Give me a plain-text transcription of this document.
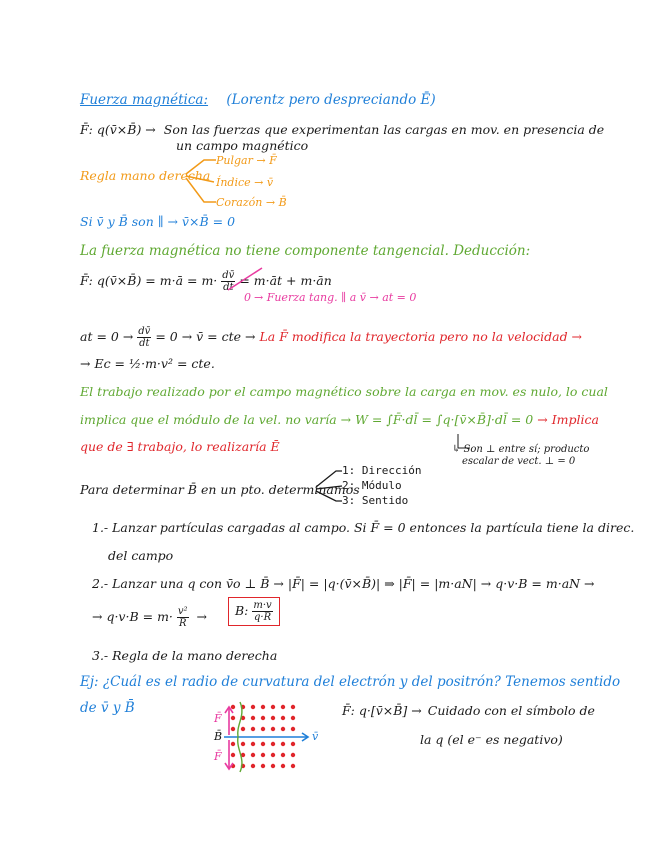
Fuerza magnética: (Lorentz pero despreciando Ē)
F̄: q(v̄×B̄) → Son las fuerzas que experimentan las cargas en mov. en presencia de
un campo magnético
Regla mano derecha
Pulgar → F̄
Índice → v̄
Corazón → B̄
Si v̄ y B̄ son ∥ → v̄×B̄ = 0
La fuerza magnética no tiene componente tangencial. Deducción:
F̄: q(v̄×B̄) = m·ā = $m\cdot \frac{dv̄}{dt}$ = m·āt + m·ān
0 → Fuerza tang. ∥ a v̄ → at = 0
at = $0 \to \frac{dv̄}{dt} = 0$ → v̄ = cte → La F̄ modifica la trayectoria pero no la velocidad →
→ Ec = ½·m·v² = cte.
El trabajo realizado por el campo magnético sobre la carga en mov. es nulo, lo cual
implica que el módulo de la vel. no varía → W = ∫F̄·dl̄ = ∫q·[v̄×B̄]·dl̄ = 0 → Implica
que de ∃ trabajo, lo realizaría Ē	↳ Son ⊥ entre sí; producto
escalar de vect. ⊥ = 0
Para determinar B̄ en un pto. determinamos
1: Dirección
2: Módulo
3: Sentido
1.- Lanzar partículas cargadas al campo. Si F̄ = 0 entonces la partícula tiene la direc.
del campo
2.- Lanzar una q con v̄o ⊥ B̄ → |F̄| = |q·(v̄×B̄)| ⇒ |F̄| = |m·aN| → q·v·B = m·aN →
→ $q\cdot v\cdot B = m\cdot \frac{\text{v²}}{R}$ →	B: $\frac{m\cdot v}{q\cdot R}$
3.- Regla de la mano derecha
Ej: ¿Cuál es el radio de curvatura del electrón y del positrón? Tenemos sentido
de v̄ y B̄	F̄: q·[v̄×B̄] → Cuidado con el símbolo de
la q (el e⁻ es negativo)
F̄
B̄	v̄
F̄
